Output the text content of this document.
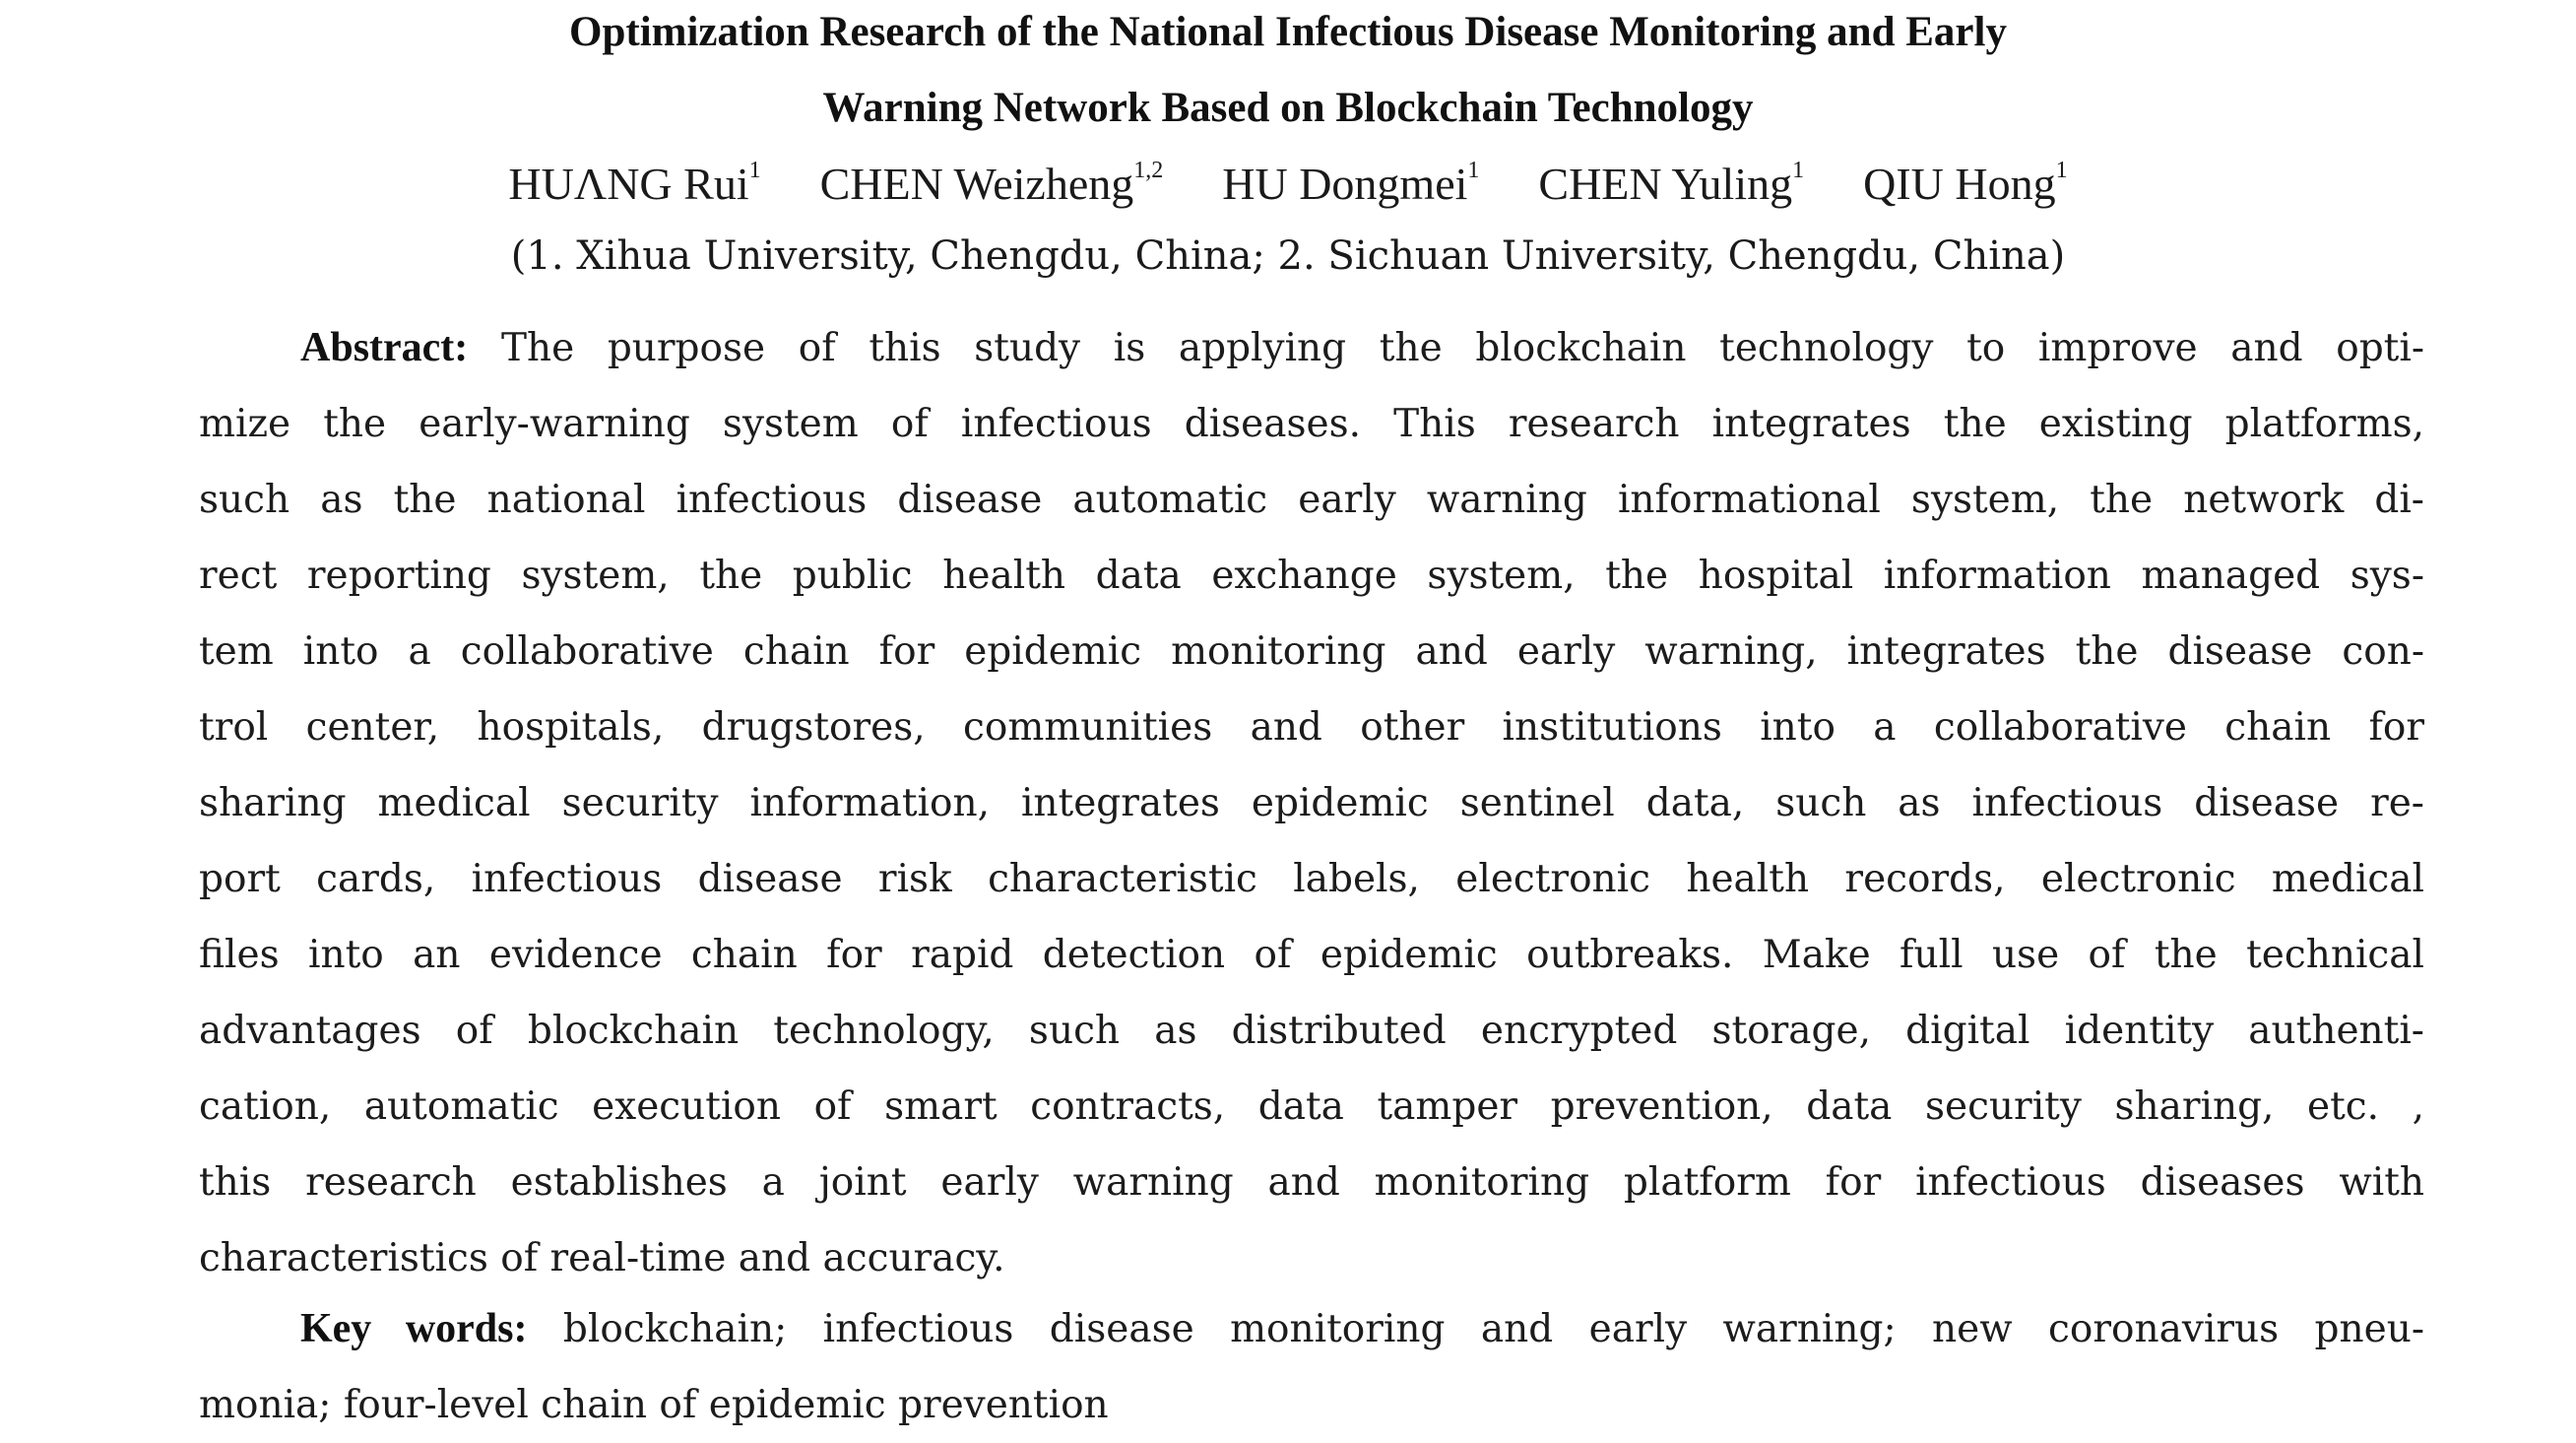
Optimization Research of the National Infectious Disease Monitoring and Early
Warning Network Based on Blockchain Technology
HUΛNG Rui$^1$ CHEN Weizheng$^{1,2}$ HU Dongmei$^1$ CHEN Yuling$^1$ QIU Hong$^1$
(1. Xihua University, Chengdu, China; 2. Sichuan University, Chengdu, China)
Abstract: The purpose of this study is applying the blockchain technology to improve and opti-
mize the early-warning system of infectious diseases. This research integrates the existing platforms,
such as the national infectious disease automatic early warning informational system, the network di-
rect reporting system, the public health data exchange system, the hospital information managed sys-
tem into a collaborative chain for epidemic monitoring and early warning, integrates the disease con-
trol center, hospitals, drugstores, communities and other institutions into a collaborative chain for
sharing medical security information, integrates epidemic sentinel data, such as infectious disease re-
port cards, infectious disease risk characteristic labels, electronic health records, electronic medical
files into an evidence chain for rapid detection of epidemic outbreaks. Make full use of the technical
advantages of blockchain technology, such as distributed encrypted storage, digital identity authenti-
cation, automatic execution of smart contracts, data tamper prevention, data security sharing, etc. ,
this research establishes a joint early warning and monitoring platform for infectious diseases with
characteristics of real-time and accuracy.
Key words: blockchain; infectious disease monitoring and early warning; new coronavirus pneu-
monia; four-level chain of epidemic prevention
